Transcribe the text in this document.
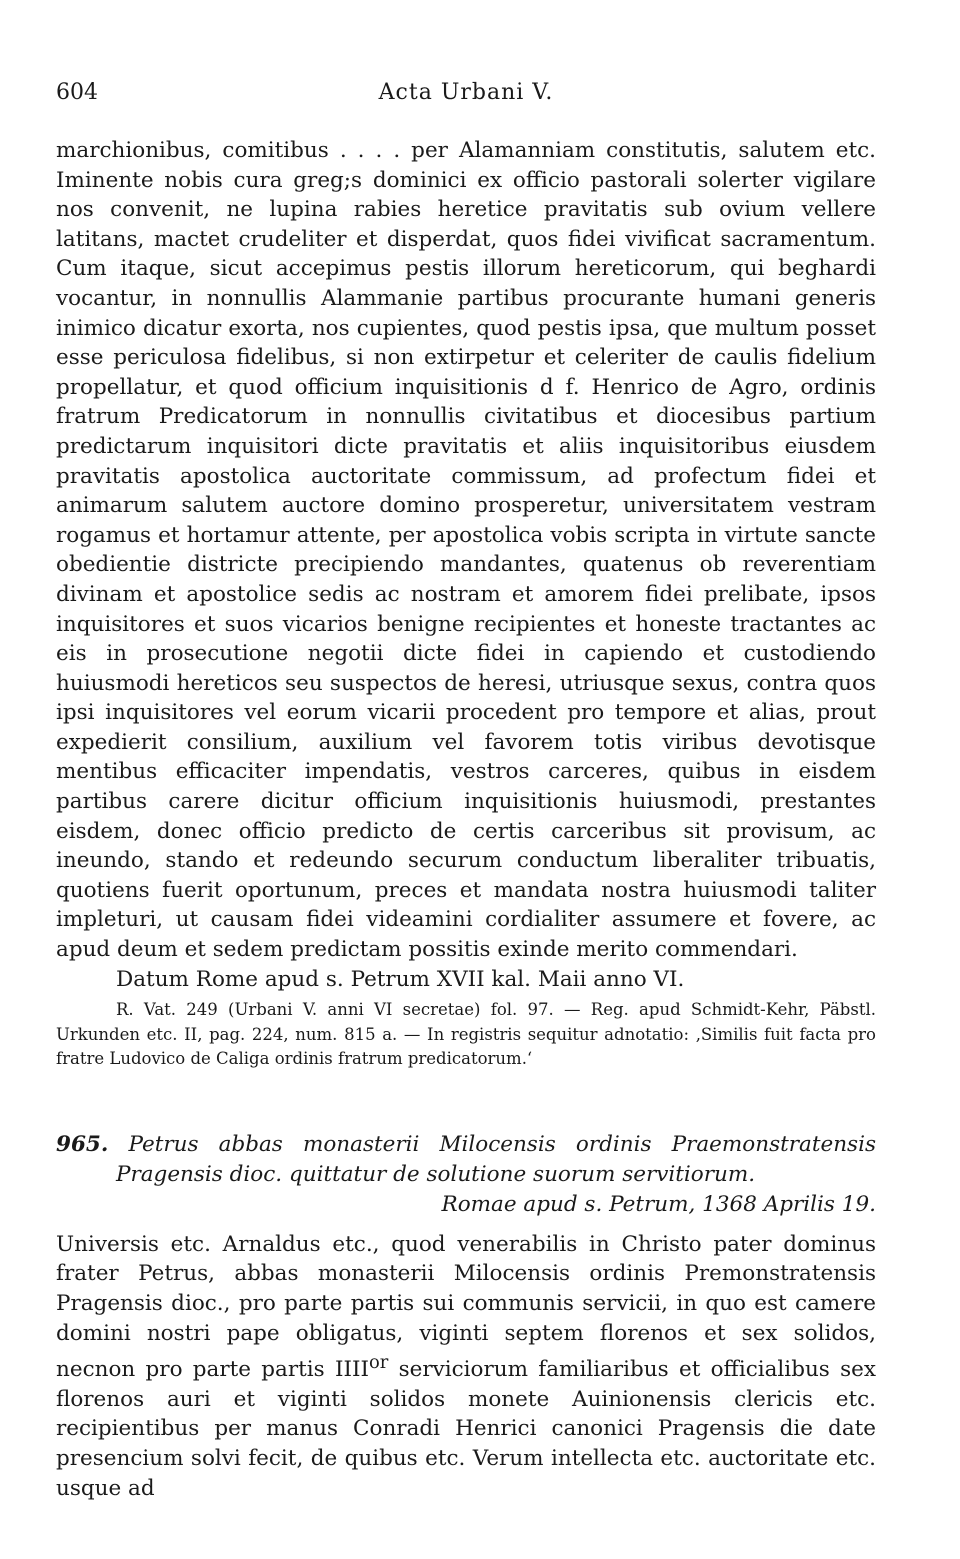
604	Acta Urbani V.

marchionibus, comitibus . . . . per Alamanniam constitutis, salutem etc. Iminente nobis cura greg;s dominici ex officio pastorali solerter vigilare nos convenit, ne lupina rabies heretice pravitatis sub ovium vellere latitans, mactet crudeliter et disperdat, quos fidei vivificat sacramentum. Cum itaque, sicut accepimus pestis illorum hereticorum, qui beghardi vocantur, in nonnullis Alammanie partibus procurante humani generis inimico dicatur exorta, nos cupientes, quod pestis ipsa, que multum posset esse periculosa fidelibus, si non extirpetur et celeriter de caulis fidelium propellatur, et quod officium inquisitionis d f. Henrico de Agro, ordinis fratrum Predicatorum in nonnullis civitatibus et diocesibus partium predictarum inquisitori dicte pravitatis et aliis inquisitoribus eiusdem pravitatis apostolica auctoritate commissum, ad profectum fidei et animarum salutem auctore domino prosperetur, universitatem vestram rogamus et hortamur attente, per apostolica vobis scripta in virtute sancte obedientie districte precipiendo mandantes, quatenus ob reverentiam divinam et apostolice sedis ac nostram et amorem fidei prelibate, ipsos inquisitores et suos vicarios benigne recipientes et honeste tractantes ac eis in prosecutione negotii dicte fidei in capiendo et custodiendo huiusmodi hereticos seu suspectos de heresi, utriusque sexus, contra quos ipsi inquisitores vel eorum vicarii procedent pro tempore et alias, prout expedierit consilium, auxilium vel favorem totis viribus devotisque mentibus efficaciter impendatis, vestros carceres, quibus in eisdem partibus carere dicitur officium inquisitionis huiusmodi, prestantes eisdem, donec officio predicto de certis carceribus sit provisum, ac ineundo, stando et redeundo securum conductum liberaliter tribuatis, quotiens fuerit oportunum, preces et mandata nostra huiusmodi taliter impleturi, ut causam fidei videamini cordialiter assumere et fovere, ac apud deum et sedem predictam possitis exinde merito commendari.

Datum Rome apud s. Petrum XVII kal. Maii anno VI.

R. Vat. 249 (Urbani V. anni VI secretae) fol. 97. — Reg. apud Schmidt-Kehr, Päbstl. Urkunden etc. II, pag. 224, num. 815 a. — In registris sequitur adnotatio: ‚Similis fuit facta pro fratre Ludovico de Caliga ordinis fratrum predicatorum.‘

965. Petrus abbas monasterii Milocensis ordinis Praemonstratensis Pragensis dioc. quittatur de solutione suorum servitiorum.

Romae apud s. Petrum, 1368 Aprilis 19.

Universis etc. Arnaldus etc., quod venerabilis in Christo pater dominus frater Petrus, abbas monasterii Milocensis ordinis Premonstratensis Pragensis dioc., pro parte partis sui communis servicii, in quo est camere domini nostri pape obligatus, viginti septem florenos et sex solidos, necnon pro parte partis $IIII^{or}$ serviciorum familiaribus et officialibus sex florenos auri et viginti solidos monete Auinionensis clericis etc. recipientibus per manus Conradi Henrici canonici Pragensis die date presencium solvi fecit, de quibus etc. Verum intellecta etc. auctoritate etc. usque ad
